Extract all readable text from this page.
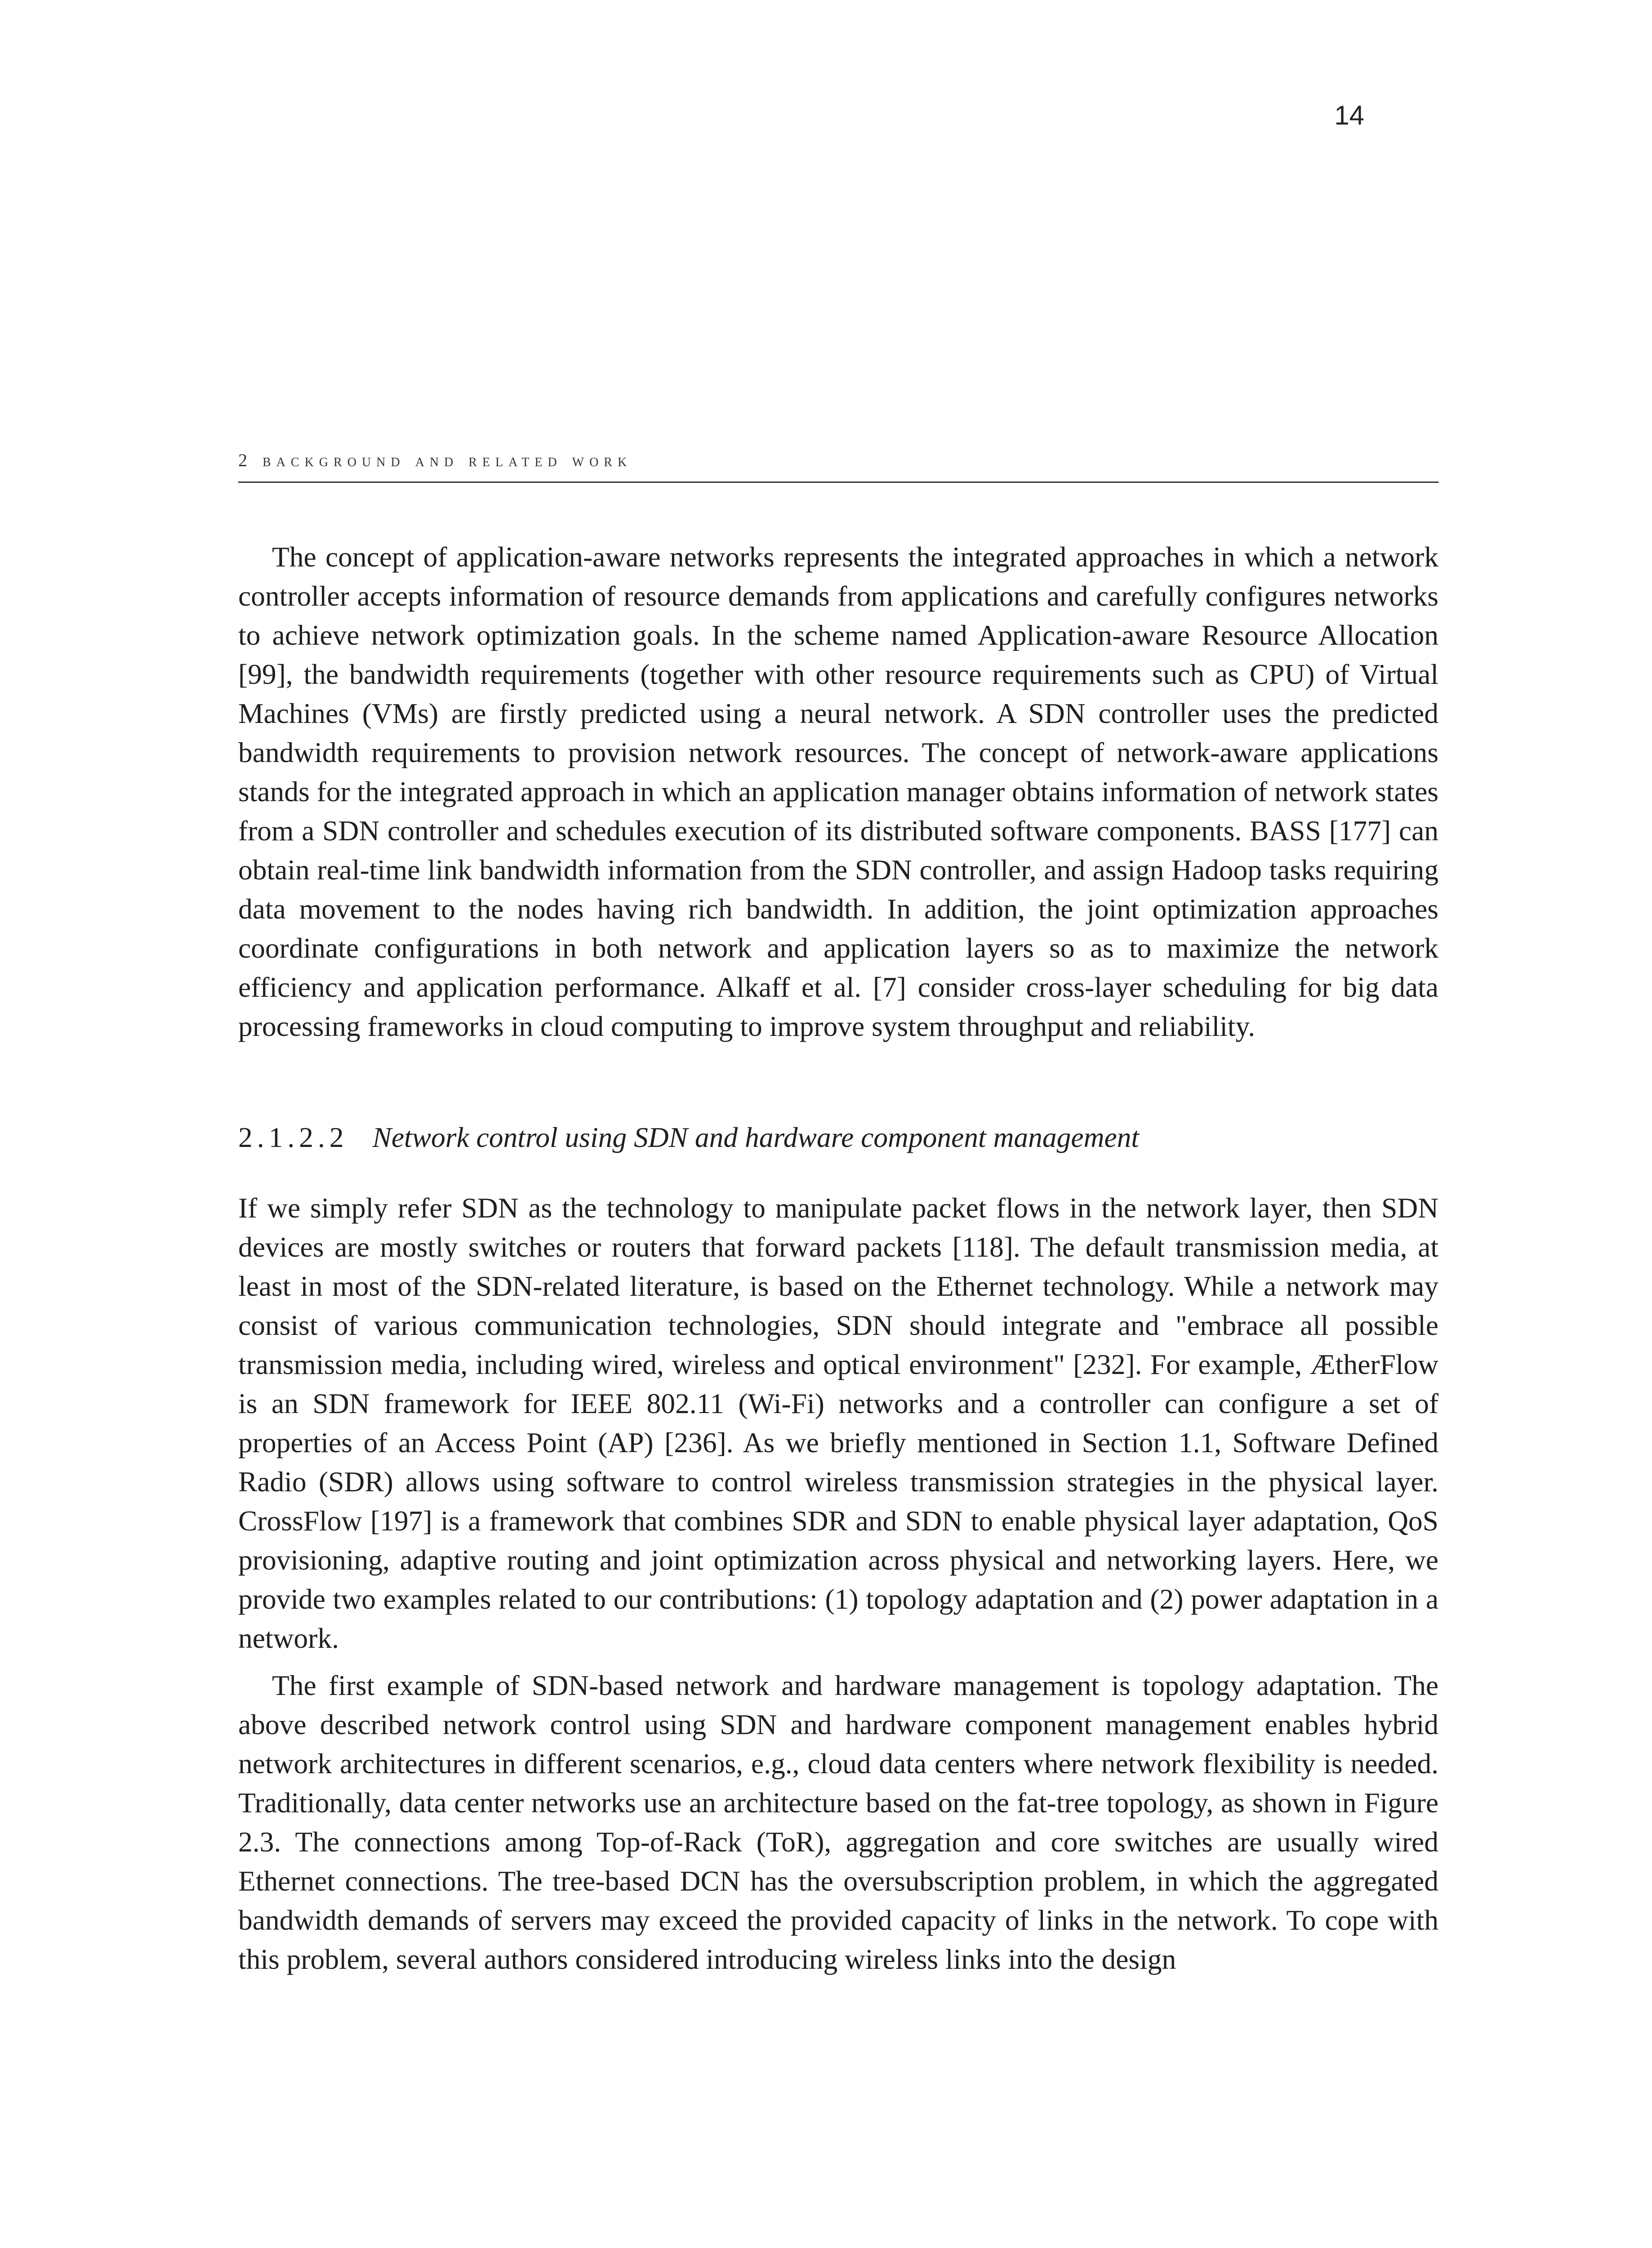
14
2 background and related work

The concept of application-aware networks represents the integrated approaches in which a network controller accepts information of resource demands from applications and carefully configures networks to achieve network optimization goals. In the scheme named Application-aware Resource Allocation [99], the bandwidth requirements (together with other resource requirements such as CPU) of Virtual Machines (VMs) are firstly predicted using a neural network. A SDN controller uses the predicted bandwidth requirements to provision network resources. The concept of network-aware applications stands for the integrated approach in which an application manager obtains information of network states from a SDN controller and schedules execution of its distributed software components. BASS [177] can obtain real-time link bandwidth information from the SDN controller, and assign Hadoop tasks requiring data movement to the nodes having rich bandwidth. In addition, the joint optimization approaches coordinate configurations in both network and application layers so as to maximize the network efficiency and application performance. Alkaff et al. [7] consider cross-layer scheduling for big data processing frameworks in cloud computing to improve system throughput and reliability.

2.1.2.2 Network control using SDN and hardware component management

If we simply refer SDN as the technology to manipulate packet flows in the network layer, then SDN devices are mostly switches or routers that forward packets [118]. The default transmission media, at least in most of the SDN-related literature, is based on the Ethernet technology. While a network may consist of various communication technologies, SDN should integrate and "embrace all possible transmission media, including wired, wireless and optical environment" [232]. For example, ÆtherFlow is an SDN framework for IEEE 802.11 (Wi-Fi) networks and a controller can configure a set of properties of an Access Point (AP) [236]. As we briefly mentioned in Section 1.1, Software Defined Radio (SDR) allows using software to control wireless transmission strategies in the physical layer. CrossFlow [197] is a framework that combines SDR and SDN to enable physical layer adaptation, QoS provisioning, adaptive routing and joint optimization across physical and networking layers. Here, we provide two examples related to our contributions: (1) topology adaptation and (2) power adaptation in a network.

The first example of SDN-based network and hardware management is topology adaptation. The above described network control using SDN and hardware component management enables hybrid network architectures in different scenarios, e.g., cloud data centers where network flexibility is needed. Traditionally, data center networks use an architecture based on the fat-tree topology, as shown in Figure 2.3. The connections among Top-of-Rack (ToR), aggregation and core switches are usually wired Ethernet connections. The tree-based DCN has the oversubscription problem, in which the aggregated bandwidth demands of servers may exceed the provided capacity of links in the network. To cope with this problem, several authors considered introducing wireless links into the design
